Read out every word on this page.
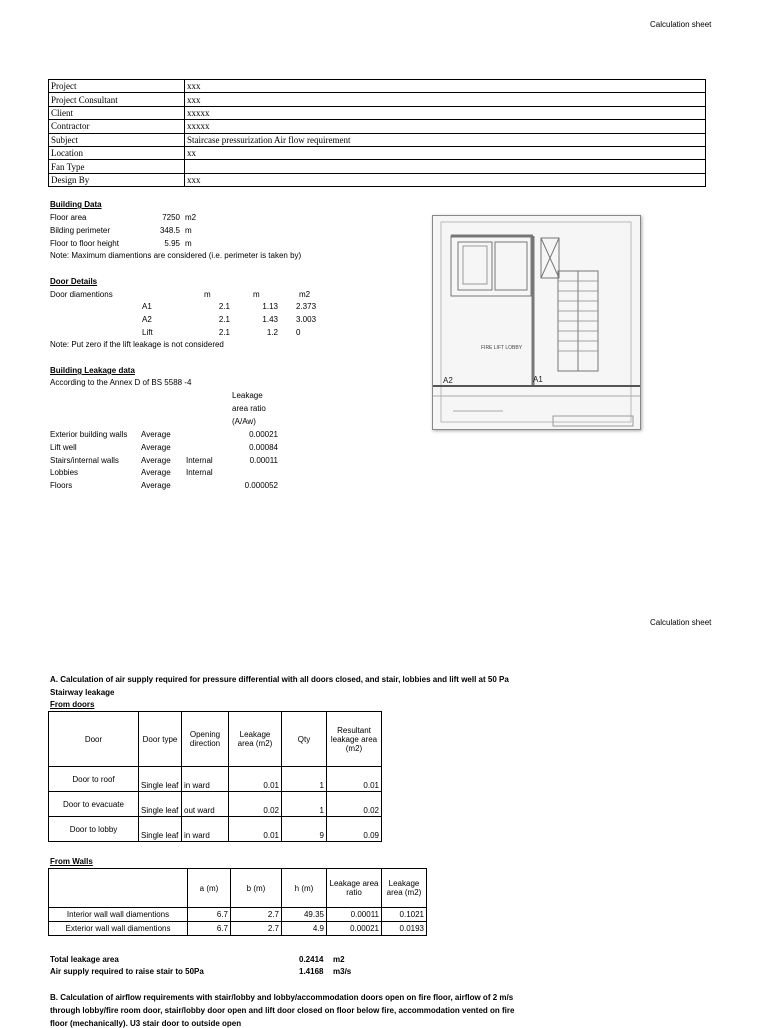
Calculation sheet
Project	xxx
Project Consultant	xxx
Client	xxxxx
Contractor	xxxxx
Subject	Staircase pressurization Air flow requirement
Location	xx
Fan Type	
Design By	xxx
Building Data
Floor area	7250 m2
Bilding perimeter	348.5 m
Floor to floor height	5.95 m
Note: Maximum diamentions are considered (i.e. perimeter is taken by)
Door Details
Door diamentions	m	m	m2
A1	2.1	1.13 2.373
A2	2.1	1.43 3.003
Lift	2.1	1.2 0
Note: Put zero if the lift leakage is not considered
Building Leakage data
According to the Annex D of BS 5588 -4
Leakage
area ratio
(A/Aw)
Exterior building walls Average	0.00021
Lift well	Average	0.00084
Stairs/internal walls	Average Internal	0.00011
Lobbies	Average Internal
Floors	Average	0.000052
FIRE LIFT LOBBY
A2	A1
Calculation sheet
A. Calculation of air supply required for pressure differential with all doors closed, and stair, lobbies and lift well at 50 Pa
Stairway leakage
From doors
Door	Door type	Opening direction	Leakage area (m2)	Qty	Resultant leakage area (m2)
Door to roof	Single leaf	in ward	0.01	1	0.01
Door to evacuate	Single leaf	out ward	0.02	1	0.02
Door to lobby	Single leaf	in ward	0.01	9	0.09
From Walls
	a (m)	b (m)	h (m)	Leakage area ratio	Leakage area (m2)
Interior wall wall diamentions	6.7	2.7	49.35	0.00011	0.1021
Exterior wall wall diamentions	6.7	2.7	4.9	0.00021	0.0193
Total leakage area	0.2414 m2
Air supply required to raise stair to 50Pa	1.4168 m3/s
B. Calculation of airflow requirements with stair/lobby and lobby/accommodation doors open on fire floor, airflow of 2 m/s
through lobby/fire room door, stair/lobby door open and lift door closed on floor below fire, accommodation vented on fire
floor (mechanically). U3 stair door to outside open
